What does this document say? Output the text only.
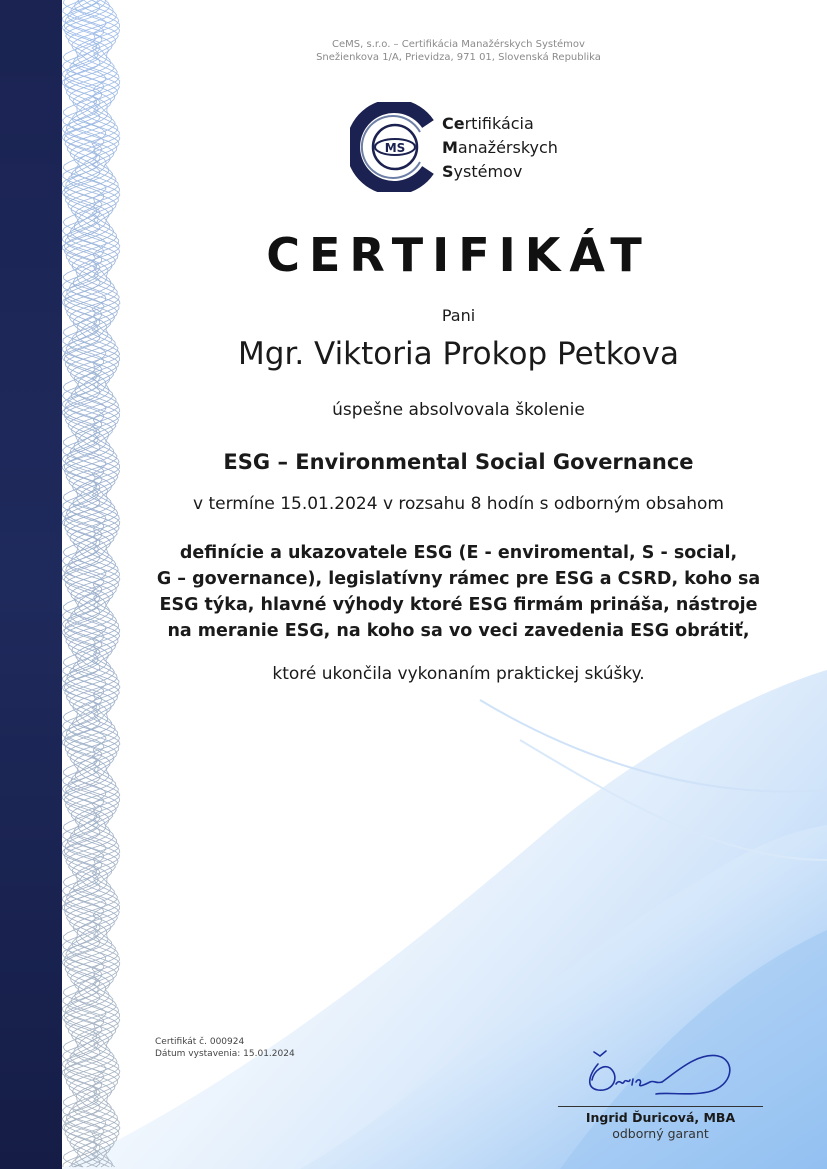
CeMS, s.r.o. – Certifikácia Manažérskych Systémov
Snežienkova 1/A, Prievidza, 971 01, Slovenská Republika
MS
Certifikácia
Manažérskych
Systémov
CERTIFIKÁT
Pani
Mgr. Viktoria Prokop Petkova
úspešne absolvovala školenie
ESG – Environmental Social Governance
v termíne 15.01.2024 v rozsahu 8 hodín s odborným obsahom
definície a ukazovatele ESG (E - enviromental, S - social,
G – governance), legislatívny rámec pre ESG a CSRD, koho sa
ESG týka, hlavné výhody ktoré ESG firmám prináša, nástroje
na meranie ESG, na koho sa vo veci zavedenia ESG obrátiť,
ktoré ukončila vykonaním praktickej skúšky.
Certifikát č. 000924
Dátum vystavenia: 15.01.2024
Ingrid Ďuricová, MBA
odborný garant
